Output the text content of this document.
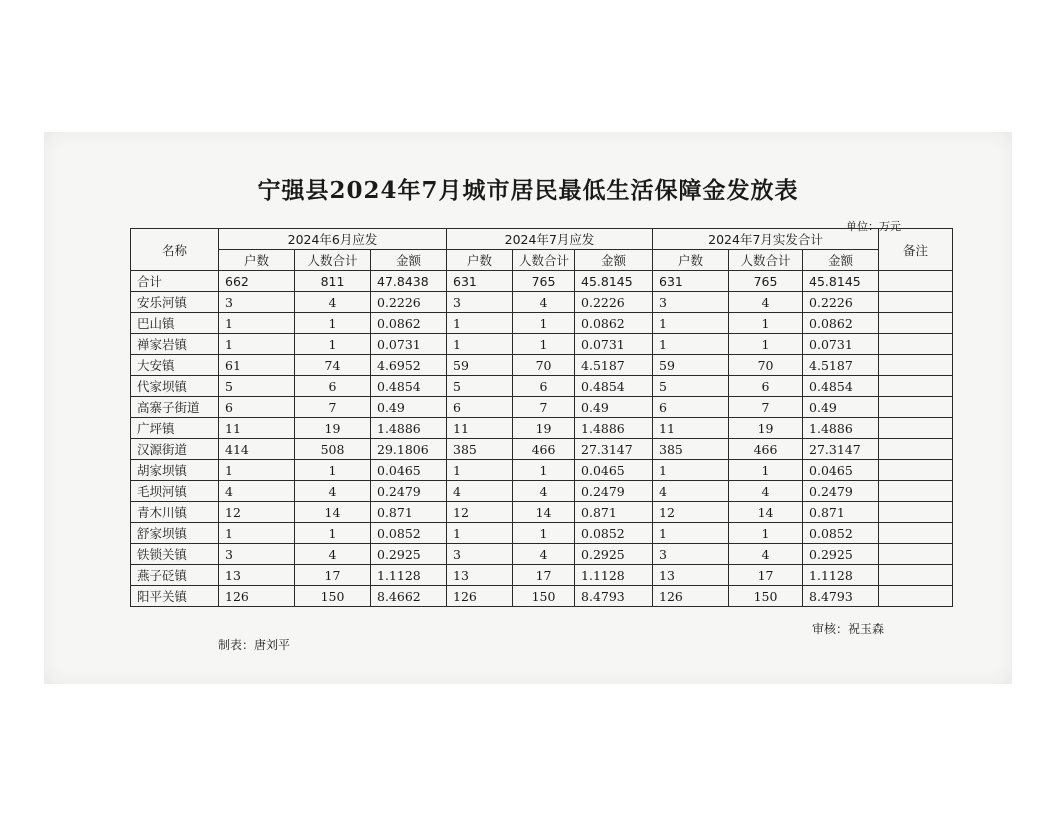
宁强县2024年7月城市居民最低生活保障金发放表
单位：万元
名称	2024年6月应发			2024年7月应发			2024年7月实发合计			备注
	户数	人数合计	金额	户数	人数合计	金额	户数	人数合计	金额	
合计	662	811	47.8438	631	765	45.8145	631	765	45.8145	
安乐河镇	3	4	0.2226	3	4	0.2226	3	4	0.2226	
巴山镇	1	1	0.0862	1	1	0.0862	1	1	0.0862	
禅家岩镇	1	1	0.0731	1	1	0.0731	1	1	0.0731	
大安镇	61	74	4.6952	59	70	4.5187	59	70	4.5187	
代家坝镇	5	6	0.4854	5	6	0.4854	5	6	0.4854	
高寨子街道	6	7	0.49	6	7	0.49	6	7	0.49	
广坪镇	11	19	1.4886	11	19	1.4886	11	19	1.4886	
汉源街道	414	508	29.1806	385	466	27.3147	385	466	27.3147	
胡家坝镇	1	1	0.0465	1	1	0.0465	1	1	0.0465	
毛坝河镇	4	4	0.2479	4	4	0.2479	4	4	0.2479	
青木川镇	12	14	0.871	12	14	0.871	12	14	0.871	
舒家坝镇	1	1	0.0852	1	1	0.0852	1	1	0.0852	
铁锁关镇	3	4	0.2925	3	4	0.2925	3	4	0.2925	
燕子砭镇	13	17	1.1128	13	17	1.1128	13	17	1.1128	
阳平关镇	126	150	8.4662	126	150	8.4793	126	150	8.4793	
制表：唐刘平
审核：祝玉森
